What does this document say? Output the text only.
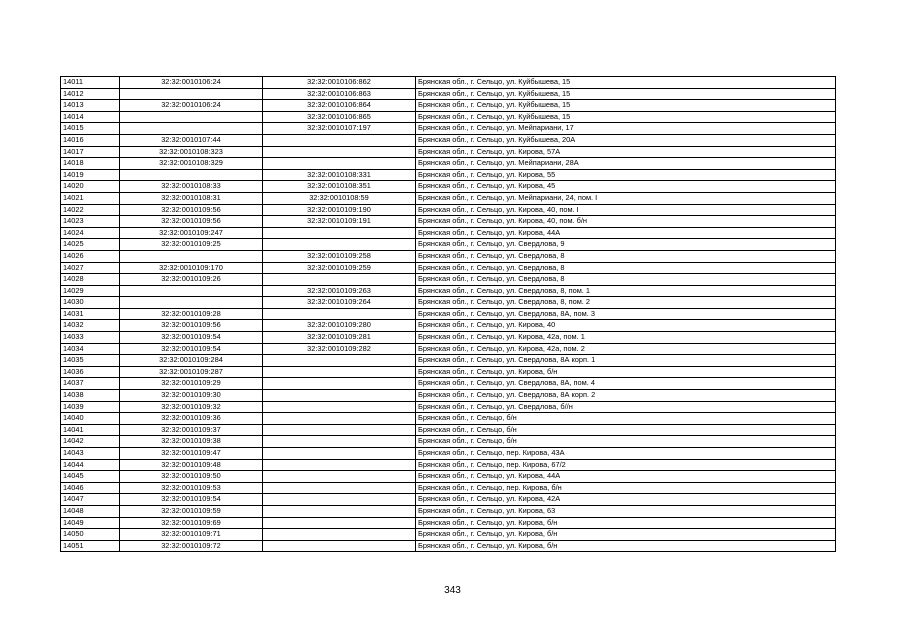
14011	32:32:0010106:24	32:32:0010106:862	Брянская обл., г. Сельцо, ул. Куйбышева, 15
14012		32:32:0010106:863	Брянская обл., г. Сельцо, ул. Куйбышева, 15
14013	32:32:0010106:24	32:32:0010106:864	Брянская обл., г. Сельцо, ул. Куйбышева, 15
14014		32:32:0010106:865	Брянская обл., г. Сельцо, ул. Куйбышева, 15
14015		32:32:0010107:197	Брянская обл., г. Сельцо, ул. Мейпариани, 17
14016	32:32:0010107:44		Брянская обл., г. Сельцо, ул. Куйбышева, 20А
14017	32:32:0010108:323		Брянская обл., г. Сельцо, ул. Кирова, 57А
14018	32:32:0010108:329		Брянская обл., г. Сельцо, ул. Мейпариани, 28А
14019		32:32:0010108:331	Брянская обл., г. Сельцо, ул. Кирова, 55
14020	32:32:0010108:33	32:32:0010108:351	Брянская обл., г. Сельцо, ул. Кирова, 45
14021	32:32:0010108:31	32:32:0010108:59	Брянская обл., г. Сельцо, ул. Мейпариани, 24, пом. I
14022	32:32:0010109:56	32:32:0010109:190	Брянская обл., г. Сельцо, ул. Кирова, 40, пом. I
14023	32:32:0010109:56	32:32:0010109:191	Брянская обл., г. Сельцо, ул. Кирова, 40, пом. б/н
14024	32:32:0010109:247		Брянская обл., г. Сельцо, ул. Кирова, 44А
14025	32:32:0010109:25		Брянская обл., г. Сельцо, ул. Свердлова, 9
14026		32:32:0010109:258	Брянская обл., г. Сельцо, ул. Свердлова, 8
14027	32:32:0010109:170	32:32:0010109:259	Брянская обл., г. Сельцо, ул. Свердлова, 8
14028	32:32:0010109:26		Брянская обл., г. Сельцо, ул. Свердлова, 8
14029		32:32:0010109:263	Брянская обл., г. Сельцо, ул. Свердлова, 8, пом. 1
14030		32:32:0010109:264	Брянская обл., г. Сельцо, ул. Свердлова, 8, пом. 2
14031	32:32:0010109:28		Брянская обл., г. Сельцо, ул. Свердлова, 8А, пом. 3
14032	32:32:0010109:56	32:32:0010109:280	Брянская обл., г. Сельцо, ул. Кирова, 40
14033	32:32:0010109:54	32:32:0010109:281	Брянская обл., г. Сельцо, ул. Кирова, 42а, пом. 1
14034	32:32:0010109:54	32:32:0010109:282	Брянская обл., г. Сельцо, ул. Кирова, 42а, пом. 2
14035	32:32:0010109:284		Брянская обл., г. Сельцо, ул. Свердлова, 8А корп. 1
14036	32:32:0010109:287		Брянская обл., г. Сельцо, ул. Кирова, б/н
14037	32:32:0010109:29		Брянская обл., г. Сельцо, ул. Свердлова, 8А, пом. 4
14038	32:32:0010109:30		Брянская обл., г. Сельцо, ул. Свердлова, 8А корп. 2
14039	32:32:0010109:32		Брянская обл., г. Сельцо, ул. Свердлова, б//н
14040	32:32:0010109:36		Брянская обл., г. Сельцо, б/н
14041	32:32:0010109:37		Брянская обл., г. Сельцо, б/н
14042	32:32:0010109:38		Брянская обл., г. Сельцо, б/н
14043	32:32:0010109:47		Брянская обл., г. Сельцо, пер. Кирова, 43А
14044	32:32:0010109:48		Брянская обл., г. Сельцо, пер. Кирова, 67/2
14045	32:32:0010109:50		Брянская обл., г. Сельцо, ул. Кирова, 44А
14046	32:32:0010109:53		Брянская обл., г. Сельцо, пер. Кирова, б/н
14047	32:32:0010109:54		Брянская обл., г. Сельцо, ул. Кирова, 42А
14048	32:32:0010109:59		Брянская обл., г. Сельцо, ул. Кирова, 63
14049	32:32:0010109:69		Брянская обл., г. Сельцо, ул. Кирова, б/н
14050	32:32:0010109:71		Брянская обл., г. Сельцо, ул. Кирова, б/н
14051	32:32:0010109:72		Брянская обл., г. Сельцо, ул. Кирова, б/н
343
